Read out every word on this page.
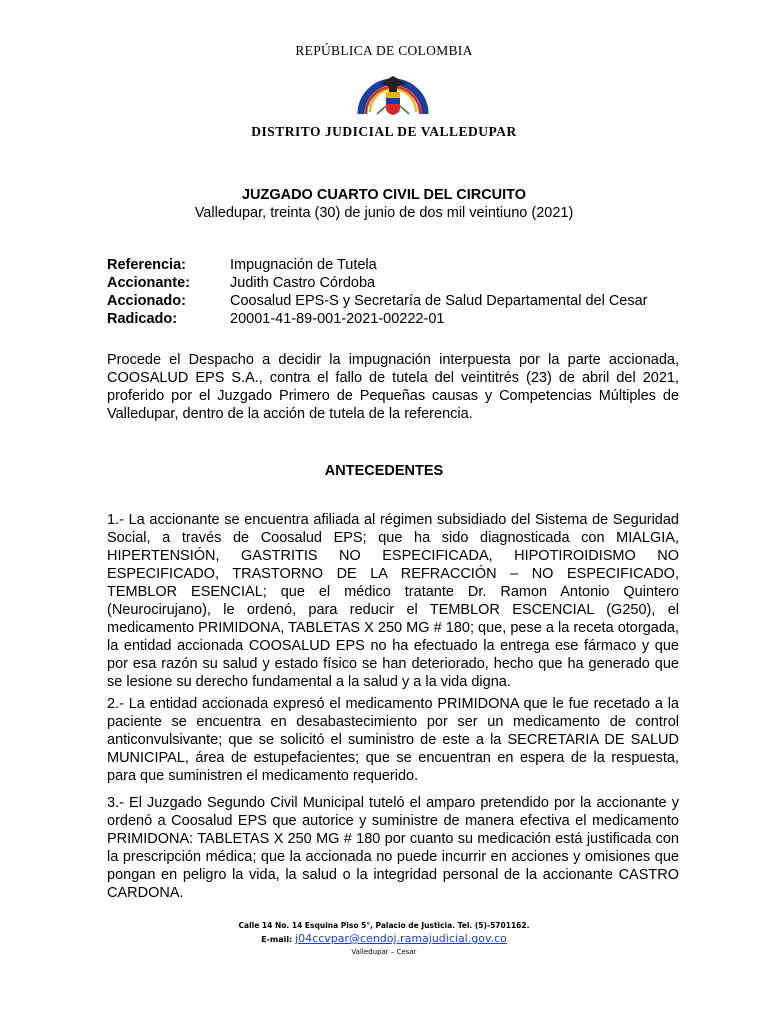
REPÚBLICA DE COLOMBIA
DISTRITO JUDICIAL DE VALLEDUPAR
JUZGADO CUARTO CIVIL DEL CIRCUITO
Valledupar, treinta (30) de junio de dos mil veintiuno (2021)
Referencia:	Impugnación de Tutela
Accionante:	Judith Castro Córdoba
Accionado:	Coosalud EPS-S y Secretaría de Salud Departamental del Cesar
Radicado:	20001-41-89-001-2021-00222-01

Procede el Despacho a decidir la impugnación interpuesta por la parte accionada, COOSALUD EPS S.A., contra el fallo de tutela del veintitrés (23) de abril del 2021, proferido por el Juzgado Primero de Pequeñas causas y Competencias Múltiples de Valledupar, dentro de la acción de tutela de la referencia.

ANTECEDENTES

1.- La accionante se encuentra afiliada al régimen subsidiado del Sistema de Seguridad Social, a través de Coosalud EPS; que ha sido diagnosticada con MIALGIA, HIPERTENSIÓN, GASTRITIS NO ESPECIFICADA, HIPOTIROIDISMO NO ESPECIFICADO, TRASTORNO DE LA REFRACCIÓN – NO ESPECIFICADO, TEMBLOR ESENCIAL; que el médico tratante Dr. Ramon Antonio Quintero (Neurocirujano), le ordenó, para reducir el TEMBLOR ESCENCIAL (G250), el medicamento PRIMIDONA, TABLETAS X 250 MG # 180; que, pese a la receta otorgada, la entidad accionada COOSALUD EPS no ha efectuado la entrega ese fármaco y que por esa razón su salud y estado físico se han deteriorado, hecho que ha generado que se lesione su derecho fundamental a la salud y a la vida digna.

2.- La entidad accionada expresó el medicamento PRIMIDONA que le fue recetado a la paciente se encuentra en desabastecimiento por ser un medicamento de control anticonvulsivante; que se solicitó el suministro de este a la SECRETARIA DE SALUD MUNICIPAL, área de estupefacientes; que se encuentran en espera de la respuesta, para que suministren el medicamento requerido.

3.- El Juzgado Segundo Civil Municipal tuteló el amparo pretendido por la accionante y ordenó a Coosalud EPS que autorice y suministre de manera efectiva el medicamento PRIMIDONA: TABLETAS X 250 MG # 180 por cuanto su medicación está justificada con la prescripción médica; que la accionada no puede incurrir en acciones y omisiones que pongan en peligro la vida, la salud o la integridad personal de la accionante CASTRO CARDONA.

Calle 14 No. 14 Esquina Piso 5°, Palacio de Justicia. Tel. (5)-5701162.
E-mail: j04ccvpar@cendoj.ramajudicial.gov.co
Valledupar – Cesar
